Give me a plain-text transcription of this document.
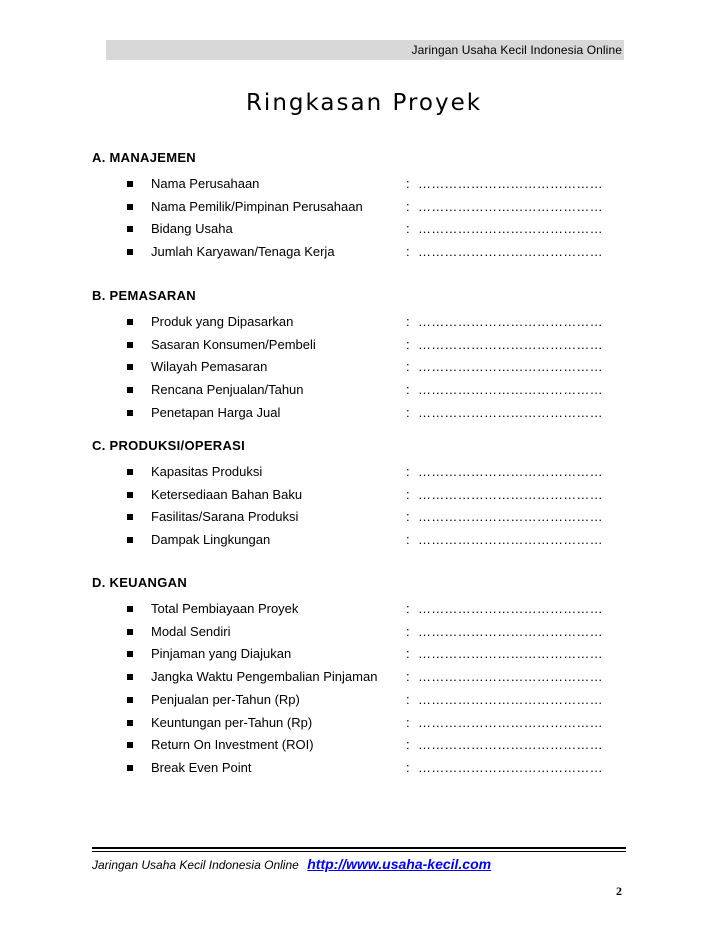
Jaringan Usaha Kecil Indonesia Online
Ringkasan Proyek
A. MANAJEMEN
Nama Perusahaan	: ……………………………………
Nama Pemilik/Pimpinan Perusahaan	: ……………………………………
Bidang Usaha	: ……………………………………
Jumlah Karyawan/Tenaga Kerja	: ……………………………………
B. PEMASARAN
Produk yang Dipasarkan	: ……………………………………
Sasaran Konsumen/Pembeli	: ……………………………………
Wilayah Pemasaran	: ……………………………………
Rencana Penjualan/Tahun	: ……………………………………
Penetapan Harga Jual	: ……………………………………
C. PRODUKSI/OPERASI
Kapasitas Produksi	: ……………………………………
Ketersediaan Bahan Baku	: ……………………………………
Fasilitas/Sarana Produksi	: ……………………………………
Dampak Lingkungan	: ……………………………………
D. KEUANGAN
Total Pembiayaan Proyek	: ……………………………………
Modal Sendiri	: ……………………………………
Pinjaman yang Diajukan	: ……………………………………
Jangka Waktu Pengembalian Pinjaman : ……………………………………
Penjualan per-Tahun (Rp)	: ……………………………………
Keuntungan per-Tahun (Rp)	: ……………………………………
Return On Investment (ROI)	: ……………………………………
Break Even Point	: ……………………………………
Jaringan Usaha Kecil Indonesia Online http://www.usaha-kecil.com
2
